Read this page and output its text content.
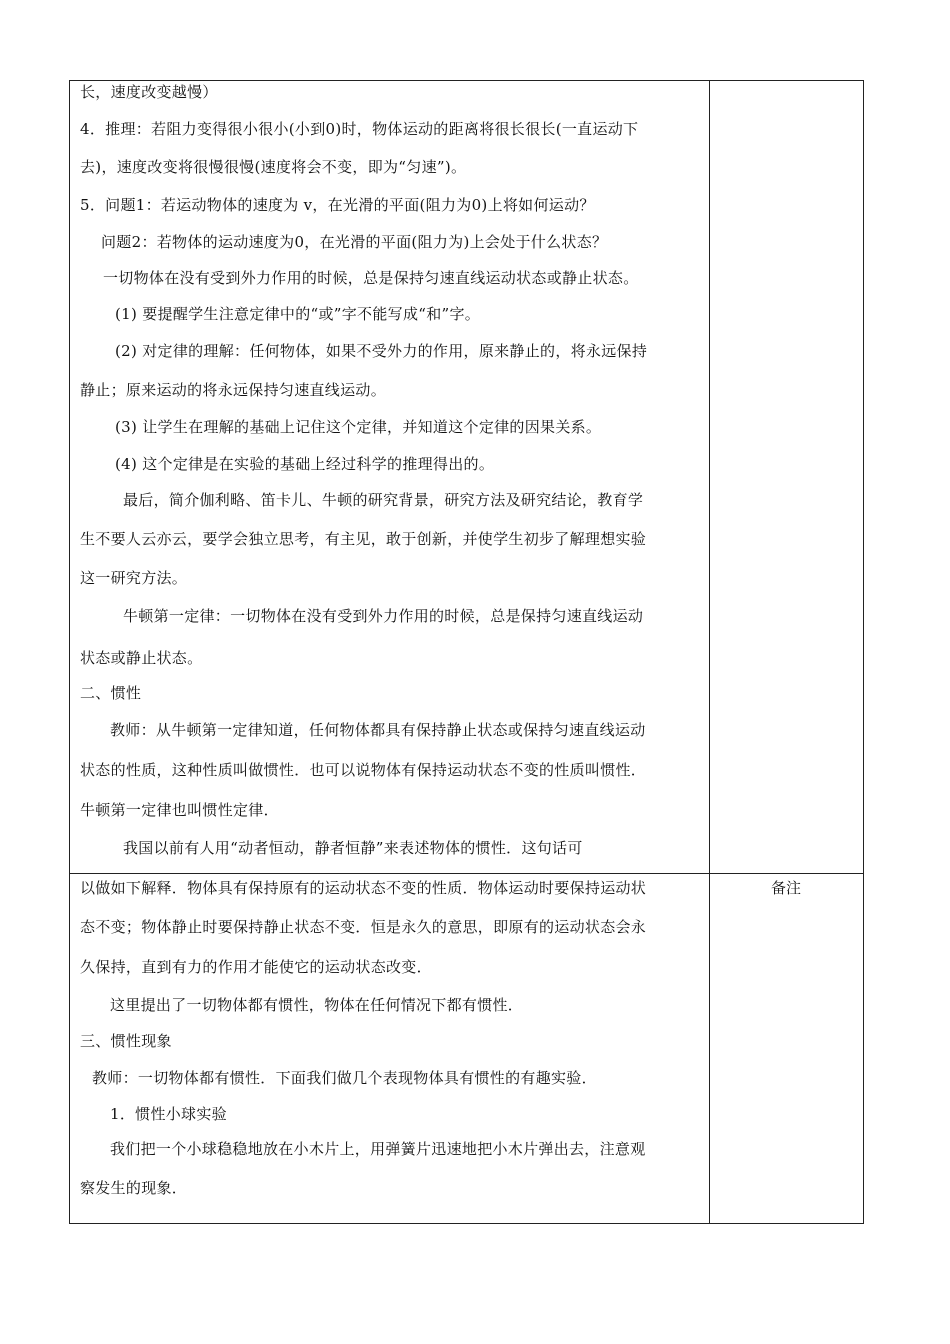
长，速度改变越慢）
4．推理：若阻力变得很小很小(小到0)时，物体运动的距离将很长很长(一直运动下
去)，速度改变将很慢很慢(速度将会不变，即为“匀速”)。
5．问题1：若运动物体的速度为 v，在光滑的平面(阻力为0)上将如何运动？
问题2：若物体的运动速度为0，在光滑的平面(阻力为)上会处于什么状态？
一切物体在没有受到外力作用的时候，总是保持匀速直线运动状态或静止状态。
(1) 要提醒学生注意定律中的“或”字不能写成“和”字。
(2) 对定律的理解：任何物体，如果不受外力的作用，原来静止的，将永远保持
静止；原来运动的将永远保持匀速直线运动。
(3) 让学生在理解的基础上记住这个定律，并知道这个定律的因果关系。
(4) 这个定律是在实验的基础上经过科学的推理得出的。
最后，简介伽利略、笛卡儿、牛顿的研究背景，研究方法及研究结论，教育学
生不要人云亦云，要学会独立思考，有主见，敢于创新，并使学生初步了解理想实验
这一研究方法。
牛顿第一定律：一切物体在没有受到外力作用的时候，总是保持匀速直线运动
状态或静止状态。
二、惯性
教师：从牛顿第一定律知道，任何物体都具有保持静止状态或保持匀速直线运动
状态的性质，这种性质叫做惯性．也可以说物体有保持运动状态不变的性质叫惯性．
牛顿第一定律也叫惯性定律．
我国以前有人用“动者恒动，静者恒静”来表述物体的惯性．这句话可
以做如下解释．物体具有保持原有的运动状态不变的性质．物体运动时要保持运动状
态不变；物体静止时要保持静止状态不变．恒是永久的意思，即原有的运动状态会永
久保持，直到有力的作用才能使它的运动状态改变．
这里提出了一切物体都有惯性，物体在任何情况下都有惯性．
三、惯性现象
教师：一切物体都有惯性．下面我们做几个表现物体具有惯性的有趣实验．
1．惯性小球实验
我们把一个小球稳稳地放在小木片上，用弹簧片迅速地把小木片弹出去，注意观
察发生的现象．
备注
